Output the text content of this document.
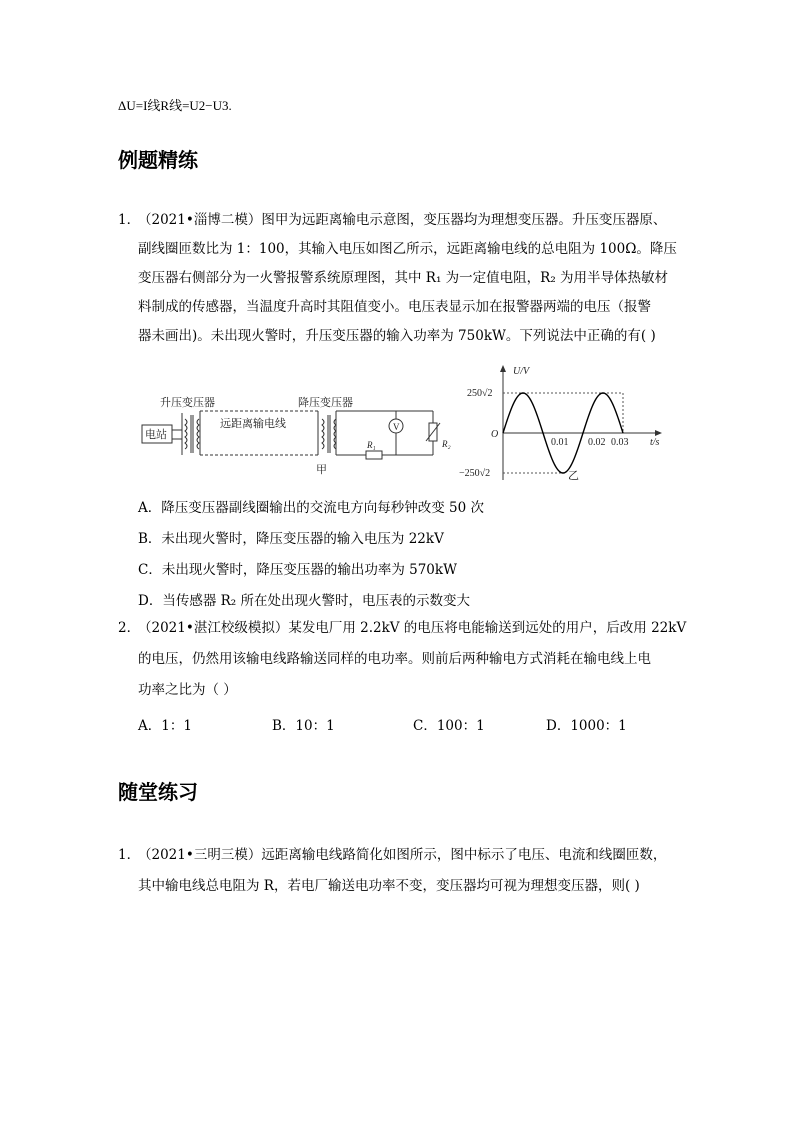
ΔU=I线R线=U2−U3.
例题精练
1．
（2021•淄博二模）图甲为远距离输电示意图，变压器均为理想变压器。升压变压器原、
副线圈匝数比为 1：100，其输入电压如图乙所示，远距离输电线的总电阻为 100Ω。降压
变压器右侧部分为一火警报警系统原理图，其中 R₁ 为一定值电阻，R₂ 为用半导体热敏材
料制成的传感器，当温度升高时其阻值变小。电压表显示加在报警器两端的电压（报警
器未画出)。未出现火警时，升压变压器的输入功率为 750kW。下列说法中正确的有( )
升压变压器	降压变压器
电站
远距离输电线	V
R₁	R₂
甲
U/V
t/s
O
250√2
−250√2
0.01 0.02 0.03
乙
A．降压变压器副线圈输出的交流电方向每秒钟改变 50 次
B．未出现火警时，降压变压器的输入电压为 22kV
C．未出现火警时，降压变压器的输出功率为 570kW
D．当传感器 R₂ 所在处出现火警时，电压表的示数变大
2．
（2021•湛江校级模拟）某发电厂用 2.2kV 的电压将电能输送到远处的用户，后改用 22kV
的电压，仍然用该输电线路输送同样的电功率。则前后两种输电方式消耗在输电线上电
功率之比为（ ）
A．1：1	B．10：1	C．100：1	D．1000：1
随堂练习
1．
（2021•三明三模）远距离输电线路简化如图所示，图中标示了电压、电流和线圈匝数，
其中输电线总电阻为 R，若电厂输送电功率不变，变压器均可视为理想变压器，则( )
